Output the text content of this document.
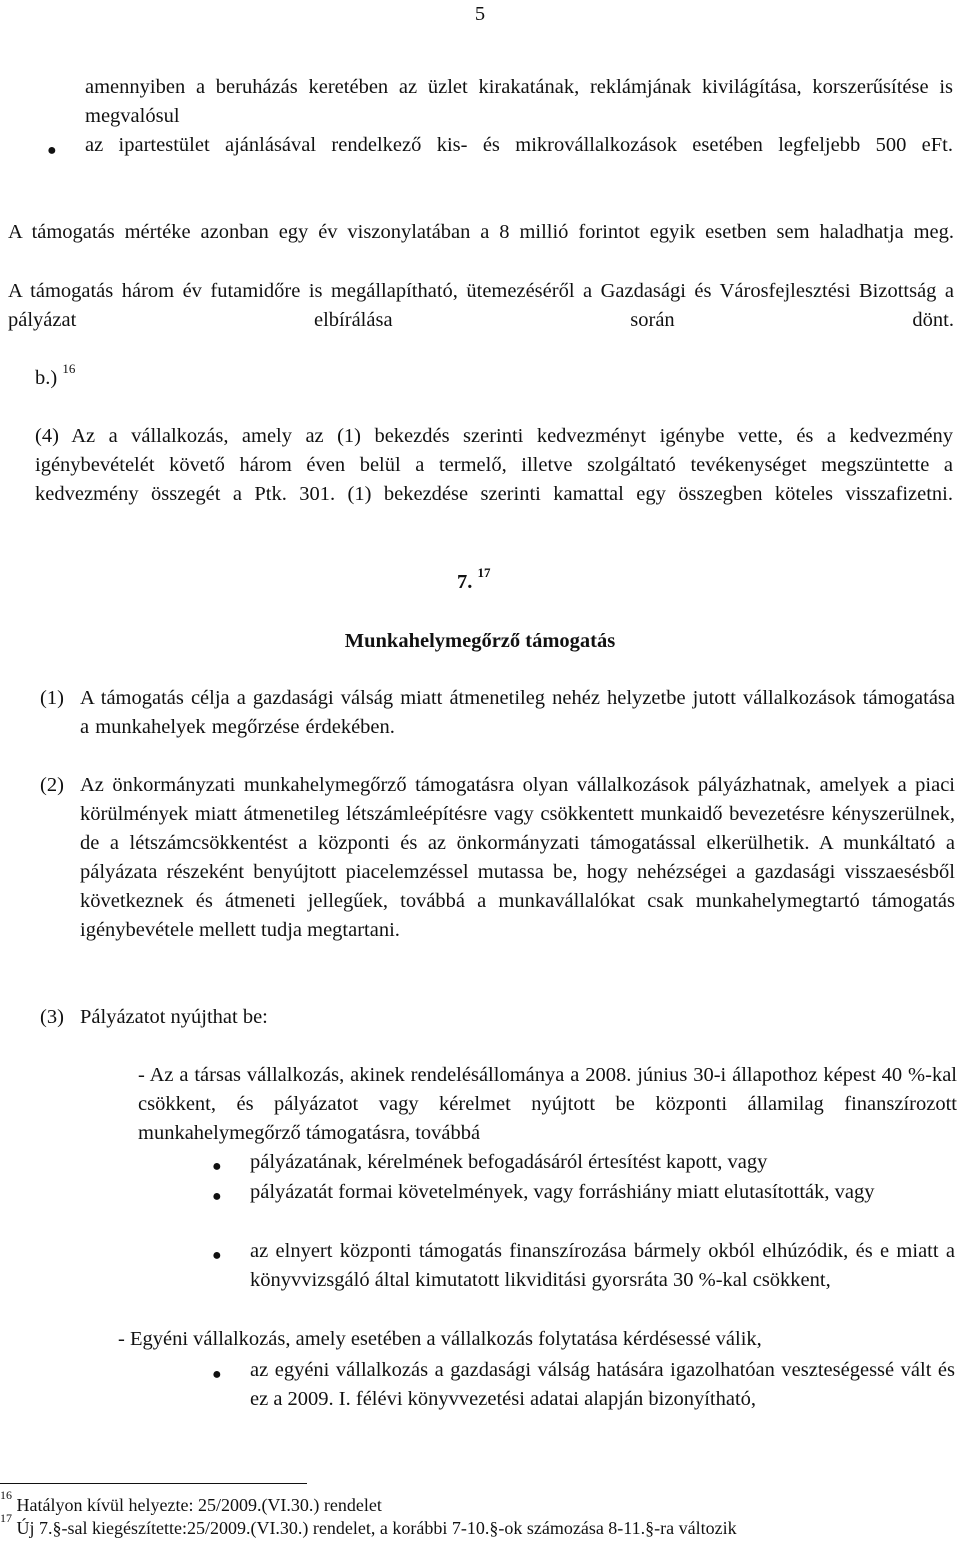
5
●
amennyiben a beruházás keretében az üzlet kirakatának, reklámjának kivilágítása, korszerűsítése is megvalósul
az ipartestület ajánlásával rendelkező kis- és mikrovállalkozások esetében legfeljebb 500 eFt.
A támogatás mértéke azonban egy év viszonylatában a 8 millió forintot egyik esetben sem haladhatja meg.
A támogatás három év futamidőre is megállapítható, ütemezéséről a Gazdasági és Városfejlesztési Bizottság a pályázat elbírálása során dönt.
b.) $^{16}$
(4) Az a vállalkozás, amely az (1) bekezdés szerinti kedvezményt igénybe vette, és a kedvezmény igénybevételét követő három éven belül a termelő, illetve szolgáltató tevékenységet megszüntette a kedvezmény összegét a Ptk. 301. (1) bekezdése szerinti kamattal egy összegben köteles visszafizetni.
7. $^{17}$
Munkahelymegőrző támogatás
(1) A támogatás célja a gazdasági válság miatt átmenetileg nehéz helyzetbe jutott vállalkozások támogatása a munkahelyek megőrzése érdekében.
(2) Az önkormányzati munkahelymegőrző támogatásra olyan vállalkozások pályázhatnak, amelyek a piaci körülmények miatt átmenetileg létszámleépítésre vagy csökkentett munkaidő bevezetésre kényszerülnek, de a létszámcsökkentést a központi és az önkormányzati támogatással elkerülhetik. A munkáltató a pályázata részeként benyújtott piacelemzéssel mutassa be, hogy nehézségei a gazdasági visszaesésből következnek és átmeneti jellegűek, továbbá a munkavállalókat csak munkahelymegtartó támogatás igénybevétele mellett tudja megtartani.
(3) Pályázatot nyújthat be:
- Az a társas vállalkozás, akinek rendelésállománya a 2008. június 30-i állapothoz képest 40 %-kal csökkent, és pályázatot vagy kérelmet nyújtott be központi államilag finanszírozott munkahelymegőrző támogatásra, továbbá
● pályázatának, kérelmének befogadásáról értesítést kapott, vagy
● pályázatát formai követelmények, vagy forráshiány miatt elutasították, vagy
● az elnyert központi támogatás finanszírozása bármely okból elhúzódik, és e miatt a könyvvizsgáló által kimutatott likviditási gyorsráta 30 %-kal csökkent,
- Egyéni vállalkozás, amely esetében a vállalkozás folytatása kérdésessé válik,
● az egyéni vállalkozás a gazdasági válság hatására igazolhatóan veszteségessé vált és ez a 2009. I. félévi könyvvezetési adatai alapján bizonyítható,
$^{16}$ Hatályon kívül helyezte: 25/2009.(VI.30.) rendelet
$^{17}$ Új 7.§-sal kiegészítette:25/2009.(VI.30.) rendelet, a korábbi 7-10.§-ok számozása 8-11.§-ra változik
